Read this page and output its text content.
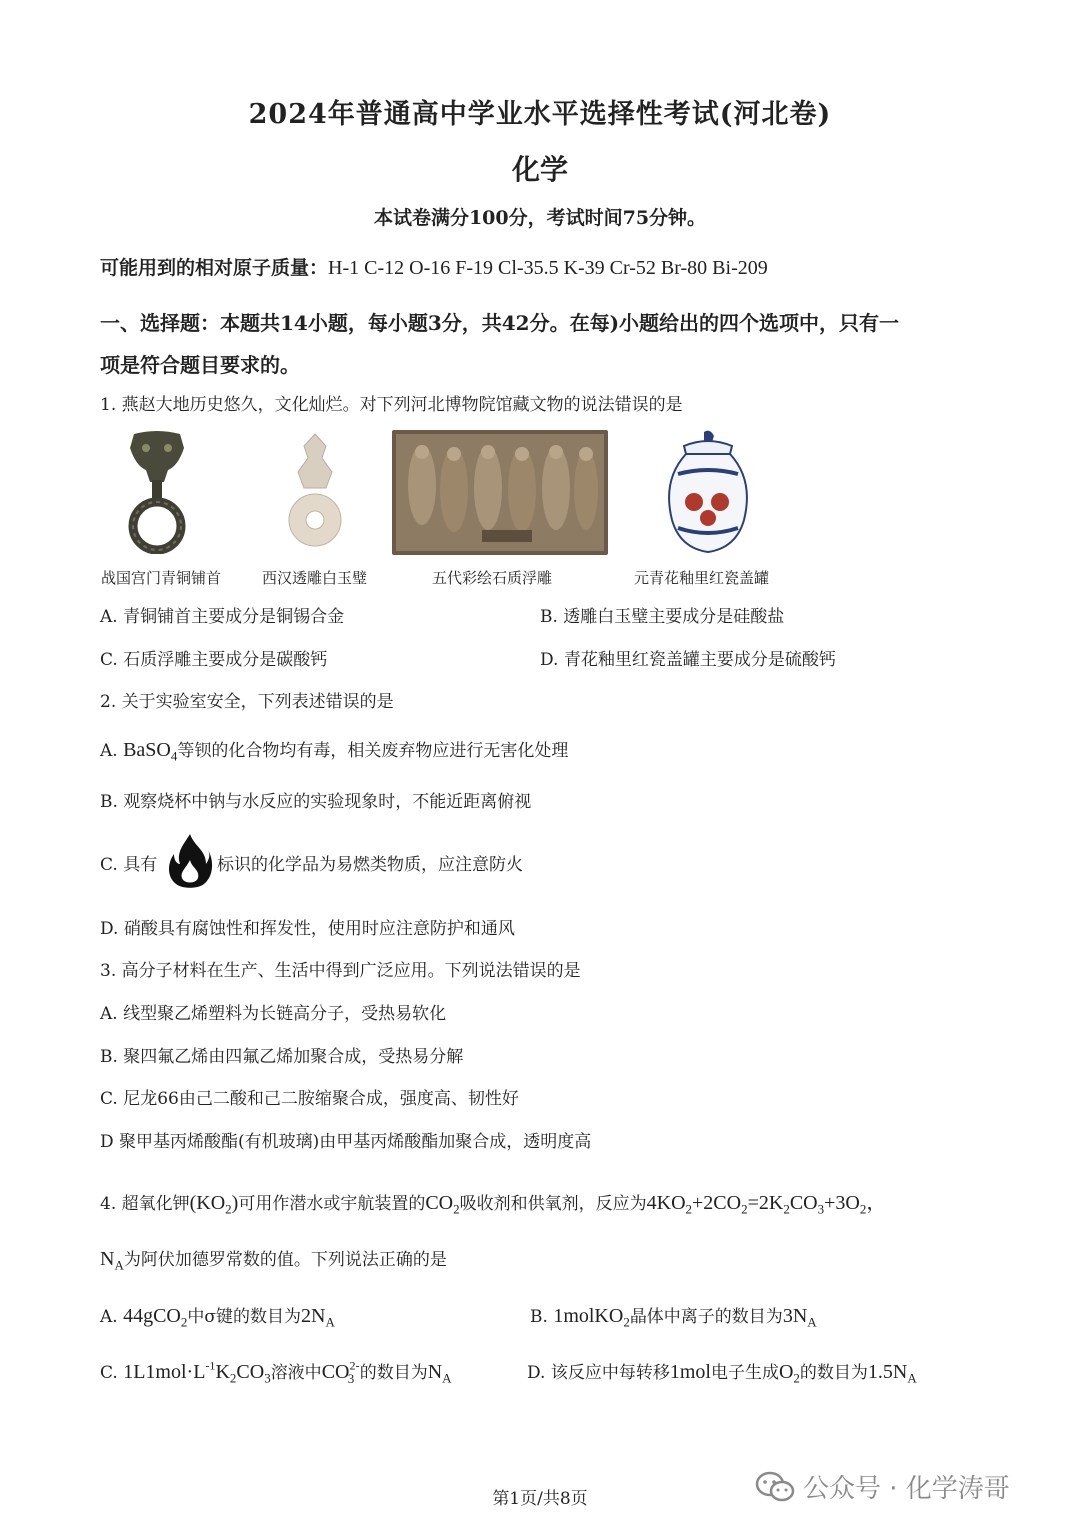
2024年普通高中学业水平选择性考试(河北卷)
化学
本试卷满分100分，考试时间75分钟。
可能用到的相对原子质量：H-1 C-12 O-16 F-19 Cl-35.5 K-39 Cr-52 Br-80 Bi-209
一、选择题：本题共14小题，每小题3分，共42分。在每)小题给出的四个选项中，只有一
项是符合题目要求的。
1. 燕赵大地历史悠久，文化灿烂。对下列河北博物院馆藏文物的说法错误的是
战国宫门青铜铺首	西汉透雕白玉璧	五代彩绘石质浮雕	元青花釉里红瓷盖罐
A. 青铜铺首主要成分是铜锡合金	B. 透雕白玉璧主要成分是硅酸盐
C. 石质浮雕主要成分是碳酸钙	D. 青花釉里红瓷盖罐主要成分是硫酸钙
2. 关于实验室安全，下列表述错误的是
A. BaSO$_4$等钡的化合物均有毒，相关废弃物应进行无害化处理
B. 观察烧杯中钠与水反应的实验现象时，不能近距离俯视
C. 具有	标识的化学品为易燃类物质，应注意防火
D. 硝酸具有腐蚀性和挥发性，使用时应注意防护和通风
3. 高分子材料在生产、生活中得到广泛应用。下列说法错误的是
A. 线型聚乙烯塑料为长链高分子，受热易软化
B. 聚四氟乙烯由四氟乙烯加聚合成，受热易分解
C. 尼龙66由己二酸和己二胺缩聚合成，强度高、韧性好
D 聚甲基丙烯酸酯(有机玻璃)由甲基丙烯酸酯加聚合成，透明度高
4. 超氧化钾$(KO_2)$可用作潜水或宇航装置的$CO_2$吸收剂和供氧剂，反应为$4KO_2+2CO_2=2K_2CO_3+3O_2$，
$N_A$为阿伏加德罗常数的值。下列说法正确的是
A. 44gCO$_2$中σ键的数目为$2N_A$	B. 1molKO$_2$晶体中离子的数目为$3N_A$
C. $1L1mol\cdot L^{-1}K_2CO_3$溶液中$CO^{2-}_3$ 的数目为$N_A$	D. 该反应中每转移1mol电子生成$O_2$的数目为$1.5N_A$
第1页/共8页	公众号 · 化学涛哥
